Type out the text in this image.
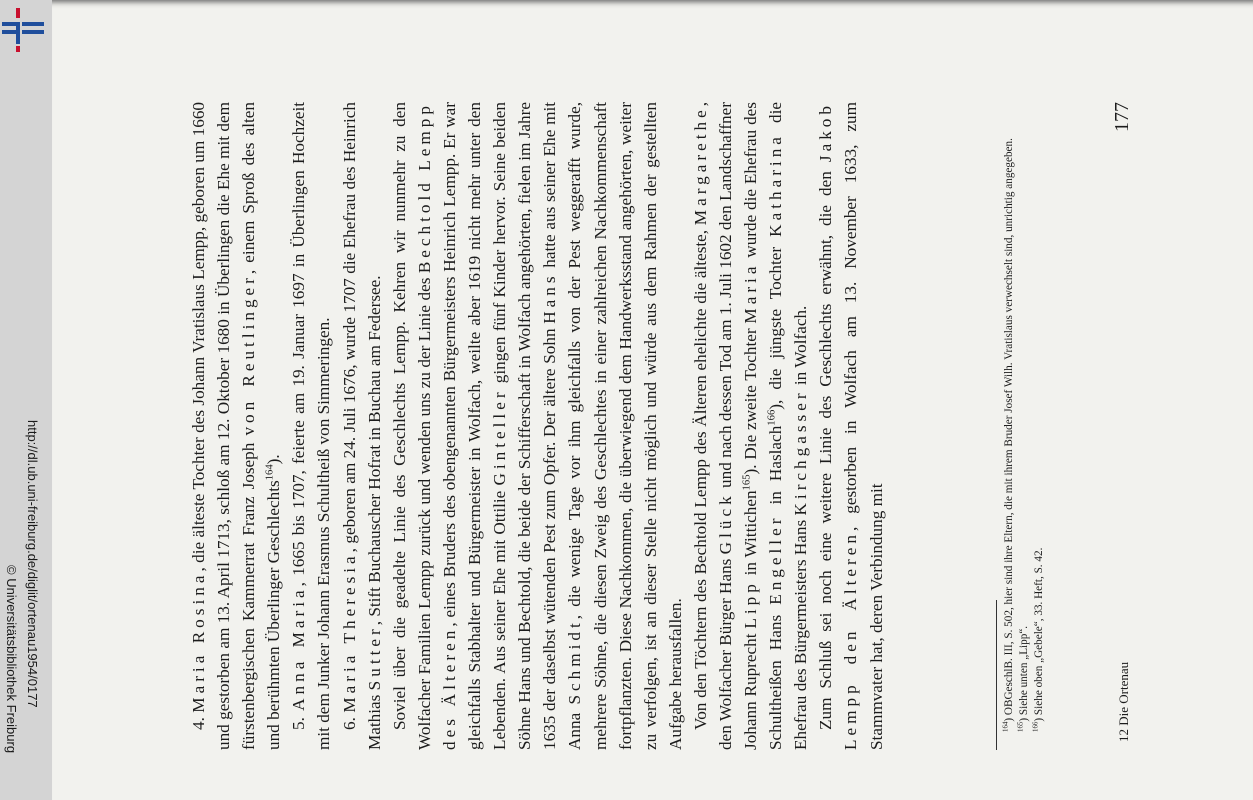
http://dl.ub.uni-freiburg.de/diglit/ortenau1954/0177
© Universitätsbibliothek Freiburg	12 Die Ortenau
177

4. Maria Rosina, die älteste Tochter des Johann Vratislaus Lempp, geboren um 1660 und gestorben am 13. April 1713, schloß am 12. Oktober 1680 in Überlingen die Ehe mit dem fürstenbergischen Kammerrat Franz Joseph von Reutlinger, einem Sproß des alten und berühmten Überlinger Geschlechts$^{164}$).

5. Anna Maria, 1665 bis 1707, feierte am 19. Januar 1697 in Überlingen Hochzeit mit dem Junker Johann Erasmus Schultheiß von Simmeringen. 6. Maria Theresia, geboren am 24. Juli 1676, wurde 1707 die Ehefrau des Heinrich Mathias Sutter, Stift Buchauscher Hofrat in Buchau am Federsee. Soviel über die geadelte Linie des Geschlechts Lempp. Kehren wir nunmehr zu den Wolfacher Familien Lempp zurück und wenden uns zu der Linie des Bechtold Lempp des Älteren, eines Bruders des obengenannten Bürgermeisters Heinrich Lempp. Er war gleichfalls Stabhalter und Bürgermeister in Wolfach, weilte aber 1619 nicht mehr unter den Lebenden. Aus seiner Ehe mit Ottilie Ginteller gingen fünf Kinder hervor. Seine beiden Söhne Hans und Bechtold, die beide der Schifferschaft in Wolfach angehörten, fielen im Jahre 1635 der daselbst wütenden Pest zum Opfer. Der ältere Sohn Hans hatte aus seiner Ehe mit Anna Schmidt, die wenige Tage vor ihm gleichfalls von der Pest weggerafft wurde, mehrere Söhne, die diesen Zweig des Geschlechtes in einer zahlreichen Nachkommenschaft fortpflanzten. Diese Nachkommen, die überwiegend dem Handwerksstand angehörten, weiter zu verfolgen, ist an dieser Stelle nicht möglich und würde aus dem Rahmen der gestellten Aufgabe herausfallen. Von den Töchtern des Bechtold Lempp des Älteren ehelichte die älteste, Margarethe, den Wolfacher Bürger Hans Glück und nach dessen Tod am 1. Juli 1602 den Landschaffner Johann Ruprecht Lipp in Wittichen$^{165}$). Die zweite Tochter Maria wurde die Ehefrau des Schultheißen Hans Engeller in Haslach$^{166}$), die jüngste Tochter Katharina die Ehefrau des Bürgermeisters Hans Kirchgasser in Wolfach. Zum Schluß sei noch eine weitere Linie des Geschlechts erwähnt, die den Jakob Lempp den Älteren, gestorben in Wolfach am 13. November 1633, zum Stammvater hat, deren Verbindung mit	$^{164}$) OBGeschlB. III, S. 502, hier sind ihre Eltern, die mit ihrem Bruder Josef Wilh. Vratislaus verwechselt sind, unrichtig angegeben.

$^{165}$) Siehe unten „Lipp“.

$^{166}$) Siehe oben „Gebele“, 33. Heft, S. 42.
